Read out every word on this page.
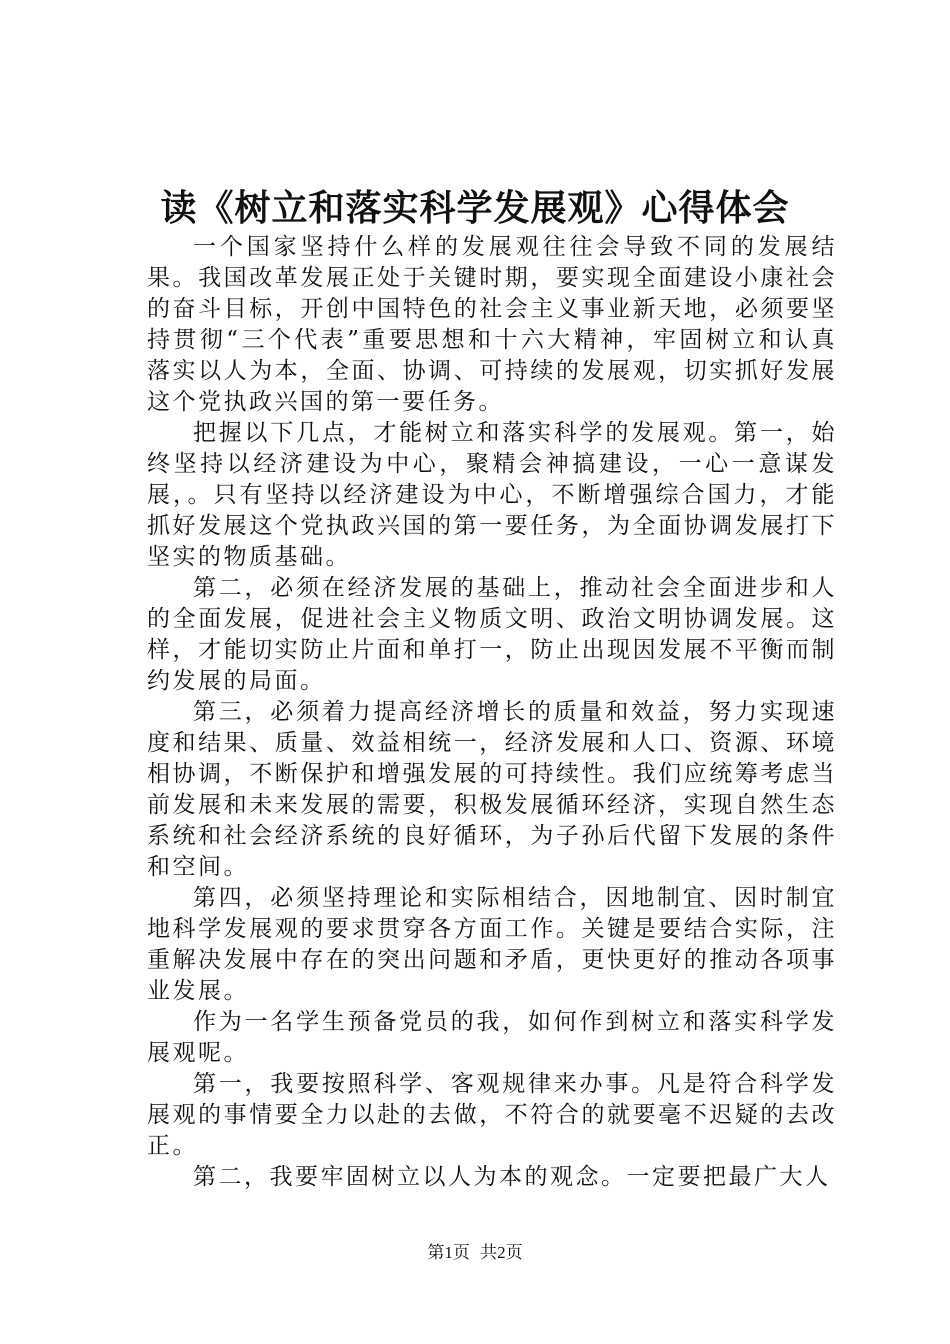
读《树立和落实科学发展观》心得体会

一个国家坚持什么样的发展观往往会导致不同的发展结果。我国改革发展正处于关键时期，要实现全面建设小康社会的奋斗目标，开创中国特色的社会主义事业新天地，必须要坚持贯彻“三个代表”重要思想和十六大精神，牢固树立和认真落实以人为本，全面、协调、可持续的发展观，切实抓好发展这个党执政兴国的第一要任务。

把握以下几点，才能树立和落实科学的发展观。第一，始终坚持以经济建设为中心，聚精会神搞建设，一心一意谋发展，。只有坚持以经济建设为中心，不断增强综合国力，才能抓好发展这个党执政兴国的第一要任务，为全面协调发展打下坚实的物质基础。

第二，必须在经济发展的基础上，推动社会全面进步和人的全面发展，促进社会主义物质文明、政治文明协调发展。这样，才能切实防止片面和单打一，防止出现因发展不平衡而制约发展的局面。

第三，必须着力提高经济增长的质量和效益，努力实现速度和结果、质量、效益相统一，经济发展和人口、资源、环境相协调，不断保护和增强发展的可持续性。我们应统筹考虑当前发展和未来发展的需要，积极发展循环经济，实现自然生态系统和社会经济系统的良好循环，为子孙后代留下发展的条件和空间。

第四，必须坚持理论和实际相结合，因地制宜、因时制宜地科学发展观的要求贯穿各方面工作。关键是要结合实际，注重解决发展中存在的突出问题和矛盾，更快更好的推动各项事业发展。

作为一名学生预备党员的我，如何作到树立和落实科学发展观呢。

第一，我要按照科学、客观规律来办事。凡是符合科学发展观的事情要全力以赴的去做，不符合的就要毫不迟疑的去改正。

第二，我要牢固树立以人为本的观念。一定要把最广大人

第1页 共2页
